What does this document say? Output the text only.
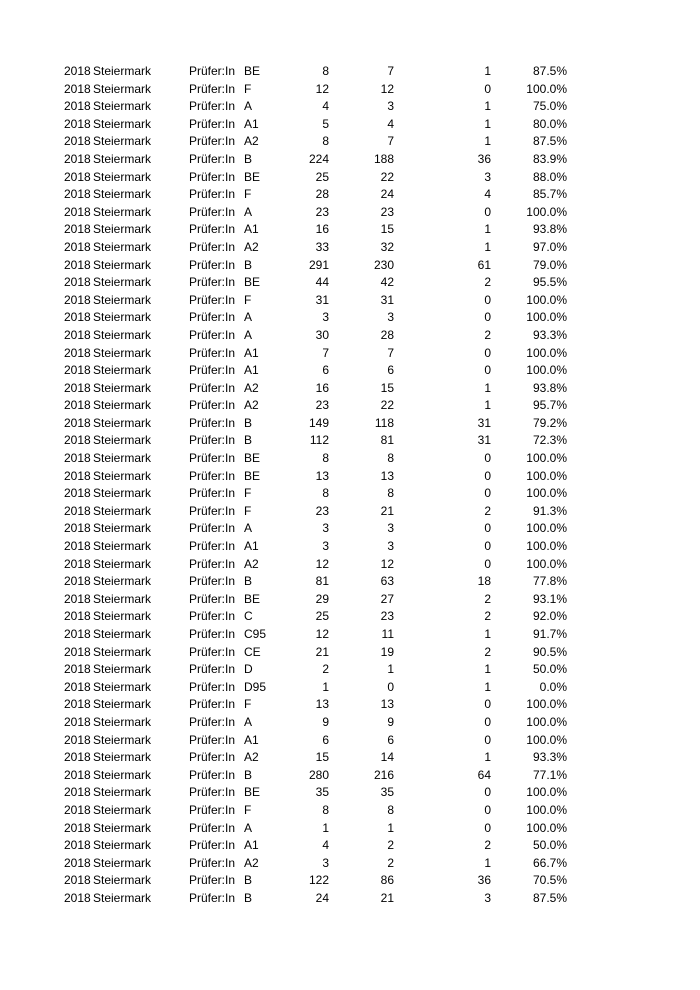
2018 Steiermark	Prüfer:In BE	8	7	1	87.5%
2018 Steiermark	Prüfer:In F	12	12	0	100.0%
2018 Steiermark	Prüfer:In A	4	3	1	75.0%
2018 Steiermark	Prüfer:In A1	5	4	1	80.0%
2018 Steiermark	Prüfer:In A2	8	7	1	87.5%
2018 Steiermark	Prüfer:In B	224	188	36	83.9%
2018 Steiermark	Prüfer:In BE	25	22	3	88.0%
2018 Steiermark	Prüfer:In F	28	24	4	85.7%
2018 Steiermark	Prüfer:In A	23	23	0	100.0%
2018 Steiermark	Prüfer:In A1	16	15	1	93.8%
2018 Steiermark	Prüfer:In A2	33	32	1	97.0%
2018 Steiermark	Prüfer:In B	291	230	61	79.0%
2018 Steiermark	Prüfer:In BE	44	42	2	95.5%
2018 Steiermark	Prüfer:In F	31	31	0	100.0%
2018 Steiermark	Prüfer:In A	3	3	0	100.0%
2018 Steiermark	Prüfer:In A	30	28	2	93.3%
2018 Steiermark	Prüfer:In A1	7	7	0	100.0%
2018 Steiermark	Prüfer:In A1	6	6	0	100.0%
2018 Steiermark	Prüfer:In A2	16	15	1	93.8%
2018 Steiermark	Prüfer:In A2	23	22	1	95.7%
2018 Steiermark	Prüfer:In B	149	118	31	79.2%
2018 Steiermark	Prüfer:In B	112	81	31	72.3%
2018 Steiermark	Prüfer:In BE	8	8	0	100.0%
2018 Steiermark	Prüfer:In BE	13	13	0	100.0%
2018 Steiermark	Prüfer:In F	8	8	0	100.0%
2018 Steiermark	Prüfer:In F	23	21	2	91.3%
2018 Steiermark	Prüfer:In A	3	3	0	100.0%
2018 Steiermark	Prüfer:In A1	3	3	0	100.0%
2018 Steiermark	Prüfer:In A2	12	12	0	100.0%
2018 Steiermark	Prüfer:In B	81	63	18	77.8%
2018 Steiermark	Prüfer:In BE	29	27	2	93.1%
2018 Steiermark	Prüfer:In C	25	23	2	92.0%
2018 Steiermark	Prüfer:In C95	12	11	1	91.7%
2018 Steiermark	Prüfer:In CE	21	19	2	90.5%
2018 Steiermark	Prüfer:In D	2	1	1	50.0%
2018 Steiermark	Prüfer:In D95	1	0	1	0.0%
2018 Steiermark	Prüfer:In F	13	13	0	100.0%
2018 Steiermark	Prüfer:In A	9	9	0	100.0%
2018 Steiermark	Prüfer:In A1	6	6	0	100.0%
2018 Steiermark	Prüfer:In A2	15	14	1	93.3%
2018 Steiermark	Prüfer:In B	280	216	64	77.1%
2018 Steiermark	Prüfer:In BE	35	35	0	100.0%
2018 Steiermark	Prüfer:In F	8	8	0	100.0%
2018 Steiermark	Prüfer:In A	1	1	0	100.0%
2018 Steiermark	Prüfer:In A1	4	2	2	50.0%
2018 Steiermark	Prüfer:In A2	3	2	1	66.7%
2018 Steiermark	Prüfer:In B	122	86	36	70.5%
2018 Steiermark	Prüfer:In B	24	21	3	87.5%
